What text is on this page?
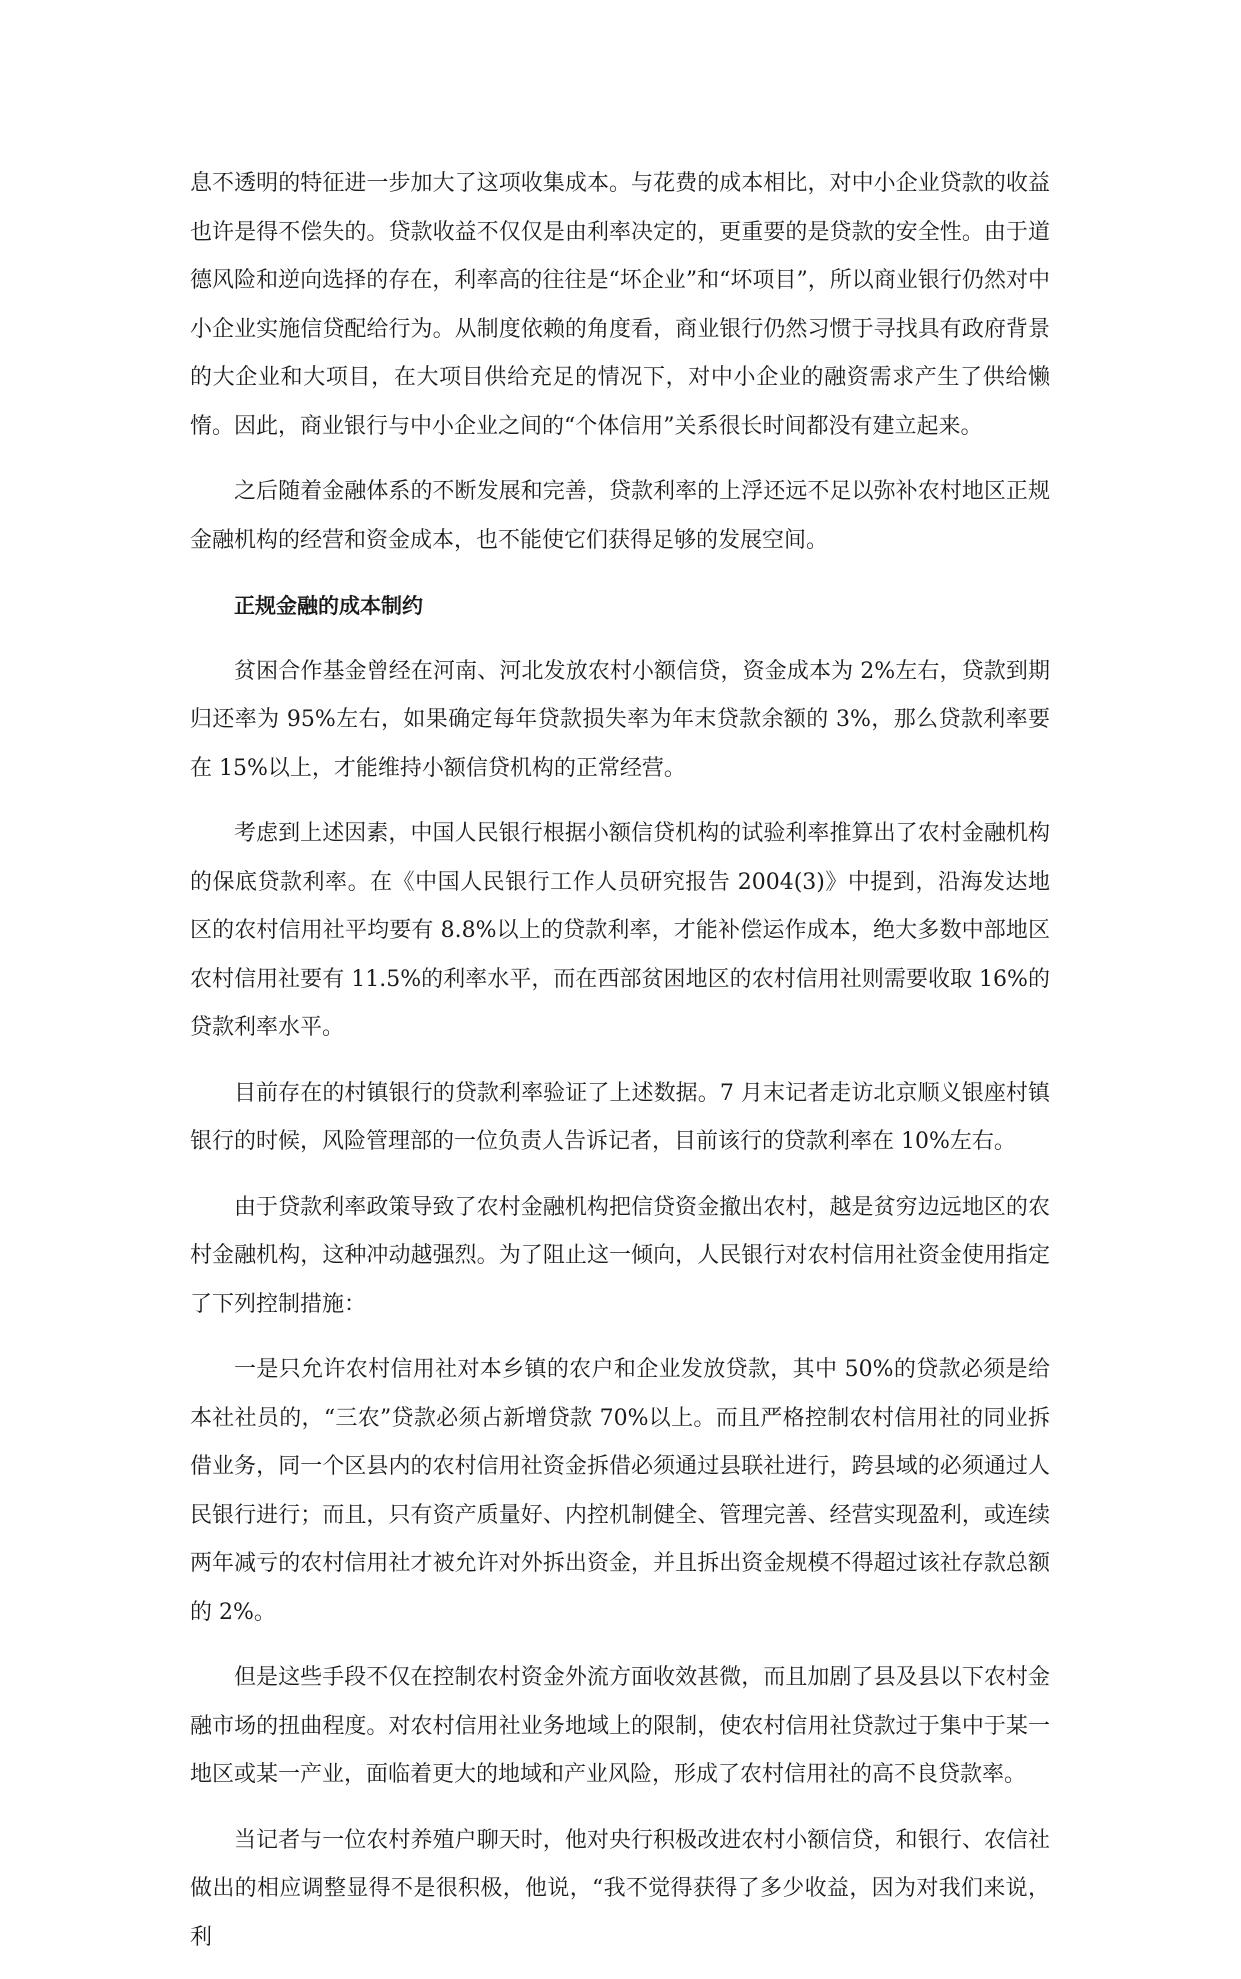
息不透明的特征进一步加大了这项收集成本。与花费的成本相比，对中小企业贷款的收益也许是得不偿失的。贷款收益不仅仅是由利率决定的，更重要的是贷款的安全性。由于道德风险和逆向选择的存在，利率高的往往是“坏企业”和“坏项目”，所以商业银行仍然对中小企业实施信贷配给行为。从制度依赖的角度看，商业银行仍然习惯于寻找具有政府背景的大企业和大项目，在大项目供给充足的情况下，对中小企业的融资需求产生了供给懒惰。因此，商业银行与中小企业之间的“个体信用”关系很长时间都没有建立起来。

之后随着金融体系的不断发展和完善，贷款利率的上浮还远不足以弥补农村地区正规金融机构的经营和资金成本，也不能使它们获得足够的发展空间。

正规金融的成本制约

贫困合作基金曾经在河南、河北发放农村小额信贷，资金成本为 2%左右，贷款到期归还率为 95%左右，如果确定每年贷款损失率为年末贷款余额的 3%，那么贷款利率要在 15%以上，才能维持小额信贷机构的正常经营。

考虑到上述因素，中国人民银行根据小额信贷机构的试验利率推算出了农村金融机构的保底贷款利率。在《中国人民银行工作人员研究报告 2004(3)》中提到，沿海发达地区的农村信用社平均要有 8.8%以上的贷款利率，才能补偿运作成本，绝大多数中部地区农村信用社要有 11.5%的利率水平，而在西部贫困地区的农村信用社则需要收取 16%的贷款利率水平。

目前存在的村镇银行的贷款利率验证了上述数据。7 月末记者走访北京顺义银座村镇银行的时候，风险管理部的一位负责人告诉记者，目前该行的贷款利率在 10%左右。

由于贷款利率政策导致了农村金融机构把信贷资金撤出农村，越是贫穷边远地区的农村金融机构，这种冲动越强烈。为了阻止这一倾向，人民银行对农村信用社资金使用指定了下列控制措施：

一是只允许农村信用社对本乡镇的农户和企业发放贷款，其中 50%的贷款必须是给本社社员的，“三农”贷款必须占新增贷款 70%以上。而且严格控制农村信用社的同业拆借业务，同一个区县内的农村信用社资金拆借必须通过县联社进行，跨县域的必须通过人民银行进行；而且，只有资产质量好、内控机制健全、管理完善、经营实现盈利，或连续两年减亏的农村信用社才被允许对外拆出资金，并且拆出资金规模不得超过该社存款总额的 2%。

但是这些手段不仅在控制农村资金外流方面收效甚微，而且加剧了县及县以下农村金融市场的扭曲程度。对农村信用社业务地域上的限制，使农村信用社贷款过于集中于某一地区或某一产业，面临着更大的地域和产业风险，形成了农村信用社的高不良贷款率。

当记者与一位农村养殖户聊天时，他对央行积极改进农村小额信贷，和银行、农信社做出的相应调整显得不是很积极，他说，“我不觉得获得了多少收益，因为对我们来说，利
